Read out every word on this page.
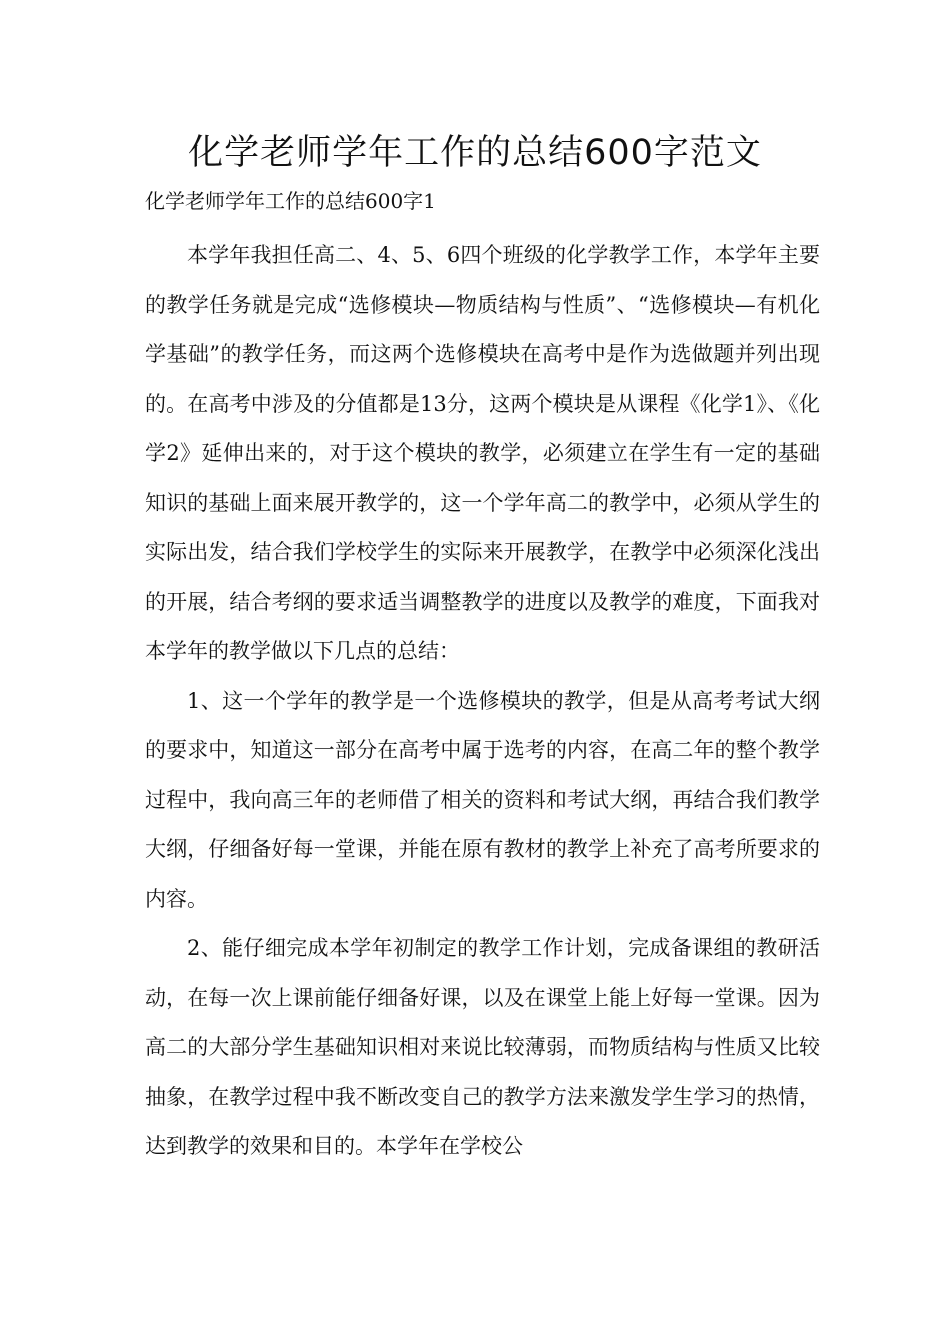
化学老师学年工作的总结600字范文
化学老师学年工作的总结600字1

本学年我担任高二、4、5、6四个班级的化学教学工作，本学年主要的教学任务就是完成“选修模块—物质结构与性质”、“选修模块—有机化学基础”的教学任务，而这两个选修模块在高考中是作为选做题并列出现的。在高考中涉及的分值都是13分，这两个模块是从课程《化学1》、《化学2》延伸出来的，对于这个模块的教学，必须建立在学生有一定的基础知识的基础上面来展开教学的，这一个学年高二的教学中，必须从学生的实际出发，结合我们学校学生的实际来开展教学，在教学中必须深化浅出的开展，结合考纲的要求适当调整教学的进度以及教学的难度，下面我对本学年的教学做以下几点的总结：

1、这一个学年的教学是一个选修模块的教学，但是从高考考试大纲的要求中，知道这一部分在高考中属于选考的内容，在高二年的整个教学过程中，我向高三年的老师借了相关的资料和考试大纲，再结合我们教学大纲，仔细备好每一堂课，并能在原有教材的教学上补充了高考所要求的内容。

2、能仔细完成本学年初制定的教学工作计划，完成备课组的教研活动，在每一次上课前能仔细备好课，以及在课堂上能上好每一堂课。因为高二的大部分学生基础知识相对来说比较薄弱，而物质结构与性质又比较抽象，在教学过程中我不断改变自己的教学方法来激发学生学习的热情，达到教学的效果和目的。本学年在学校公
